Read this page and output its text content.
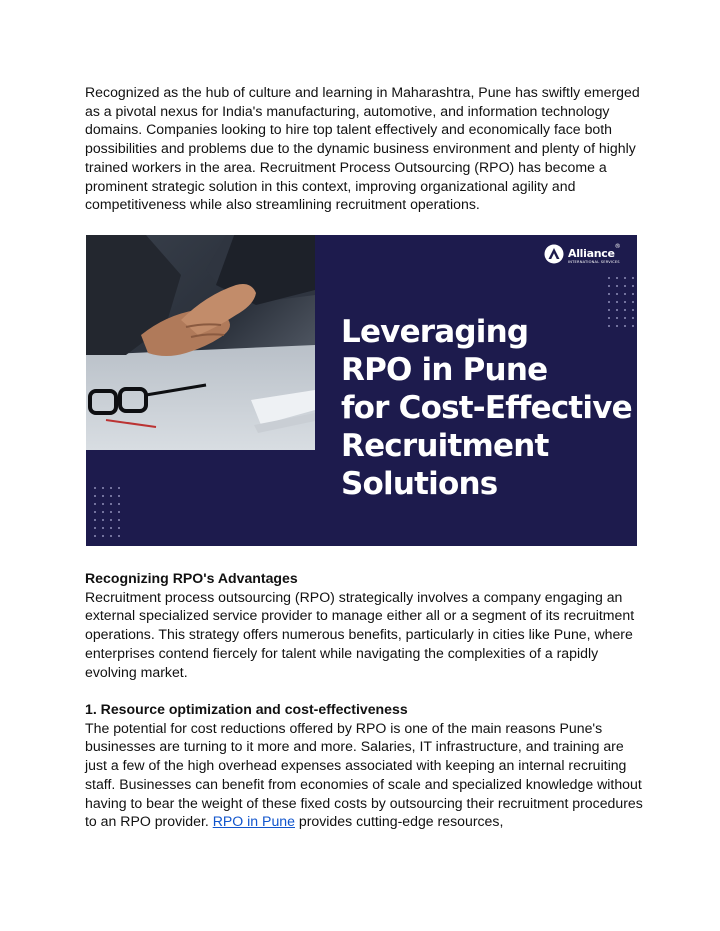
Recognized as the hub of culture and learning in Maharashtra, Pune has swiftly emerged as a pivotal nexus for India's manufacturing, automotive, and information technology domains. Companies looking to hire top talent effectively and economically face both possibilities and problems due to the dynamic business environment and plenty of highly trained workers in the area. Recruitment Process Outsourcing (RPO) has become a prominent strategic solution in this context, improving organizational agility and competitiveness while also streamlining recruitment operations.

Alliance®
INTERNATIONAL SERVICES
Leveraging
RPO in Pune
for Cost-Effective
Recruitment
Solutions

Recognizing RPO's Advantages
Recruitment process outsourcing (RPO) strategically involves a company engaging an external specialized service provider to manage either all or a segment of its recruitment operations. This strategy offers numerous benefits, particularly in cities like Pune, where enterprises contend fiercely for talent while navigating the complexities of a rapidly evolving market.

1. Resource optimization and cost-effectiveness
The potential for cost reductions offered by RPO is one of the main reasons Pune's businesses are turning to it more and more. Salaries, IT infrastructure, and training are just a few of the high overhead expenses associated with keeping an internal recruiting staff. Businesses can benefit from economies of scale and specialized knowledge without having to bear the weight of these fixed costs by outsourcing their recruitment procedures to an RPO provider. RPO in Pune provides cutting-edge resources,
